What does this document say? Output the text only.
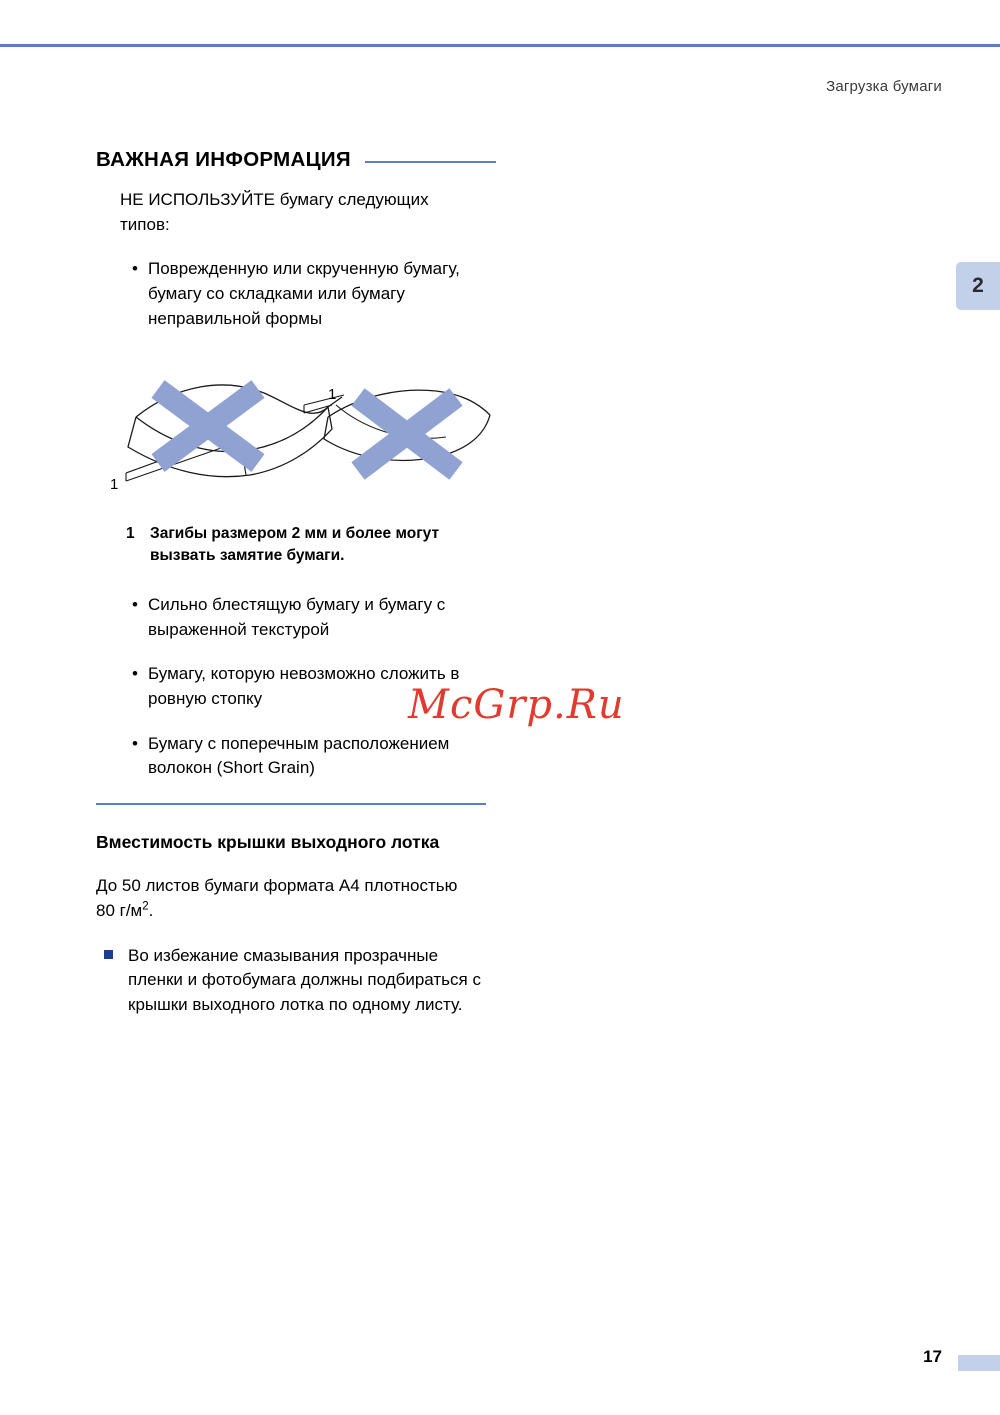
Загрузка бумаги
2
ВАЖНАЯ ИНФОРМАЦИЯ

НЕ ИСПОЛЬЗУЙТЕ бумагу следующих типов:

• Поврежденную или скрученную бумагу, бумагу со складками или бумагу неправильной формы
1
1
1 Загибы размером 2 мм и более могут вызвать замятие бумаги.
• Сильно блестящую бумагу и бумагу с выраженной текстурой
• Бумагу, которую невозможно сложить в ровную стопку
• Бумагу с поперечным расположением волокон (Short Grain)
Вместимость крышки выходного лотка

До 50 листов бумаги формата A4 плотностью 80 $г/м^2$.

Во избежание смазывания прозрачные пленки и фотобумага должны подбираться с крышки выходного лотка по одному листу.
McGrp.Ru
17
